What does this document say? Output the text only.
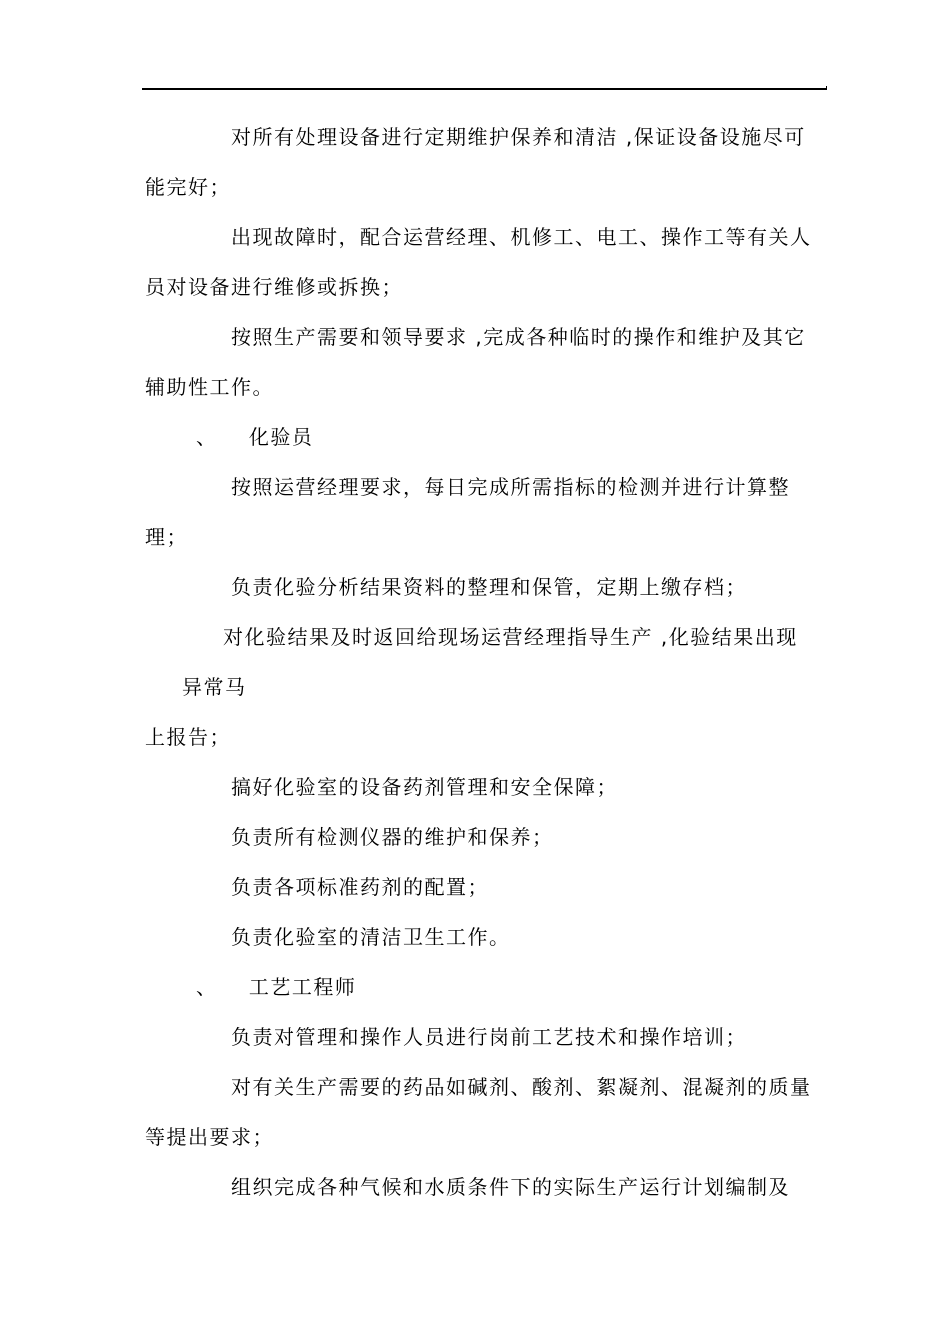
对所有处理设备进行定期维护保养和清洁 ,保证设备设施尽可
能完好；
出现故障时，配合运营经理、机修工、电工、操作工等有关人
员对设备进行维修或拆换；
按照生产需要和领导要求 ,完成各种临时的操作和维护及其它
辅助性工作。
、    化验员
按照运营经理要求，每日完成所需指标的检测并进行计算整
理；
负责化验分析结果资料的整理和保管，定期上缴存档；
对化验结果及时返回给现场运营经理指导生产 ,化验结果出现
异常马
上报告；
搞好化验室的设备药剂管理和安全保障；
负责所有检测仪器的维护和保养；
负责各项标准药剂的配置；
负责化验室的清洁卫生工作。
、    工艺工程师
负责对管理和操作人员进行岗前工艺技术和操作培训；
对有关生产需要的药品如碱剂、酸剂、絮凝剂、混凝剂的质量
等提出要求；
组织完成各种气候和水质条件下的实际生产运行计划编制及
